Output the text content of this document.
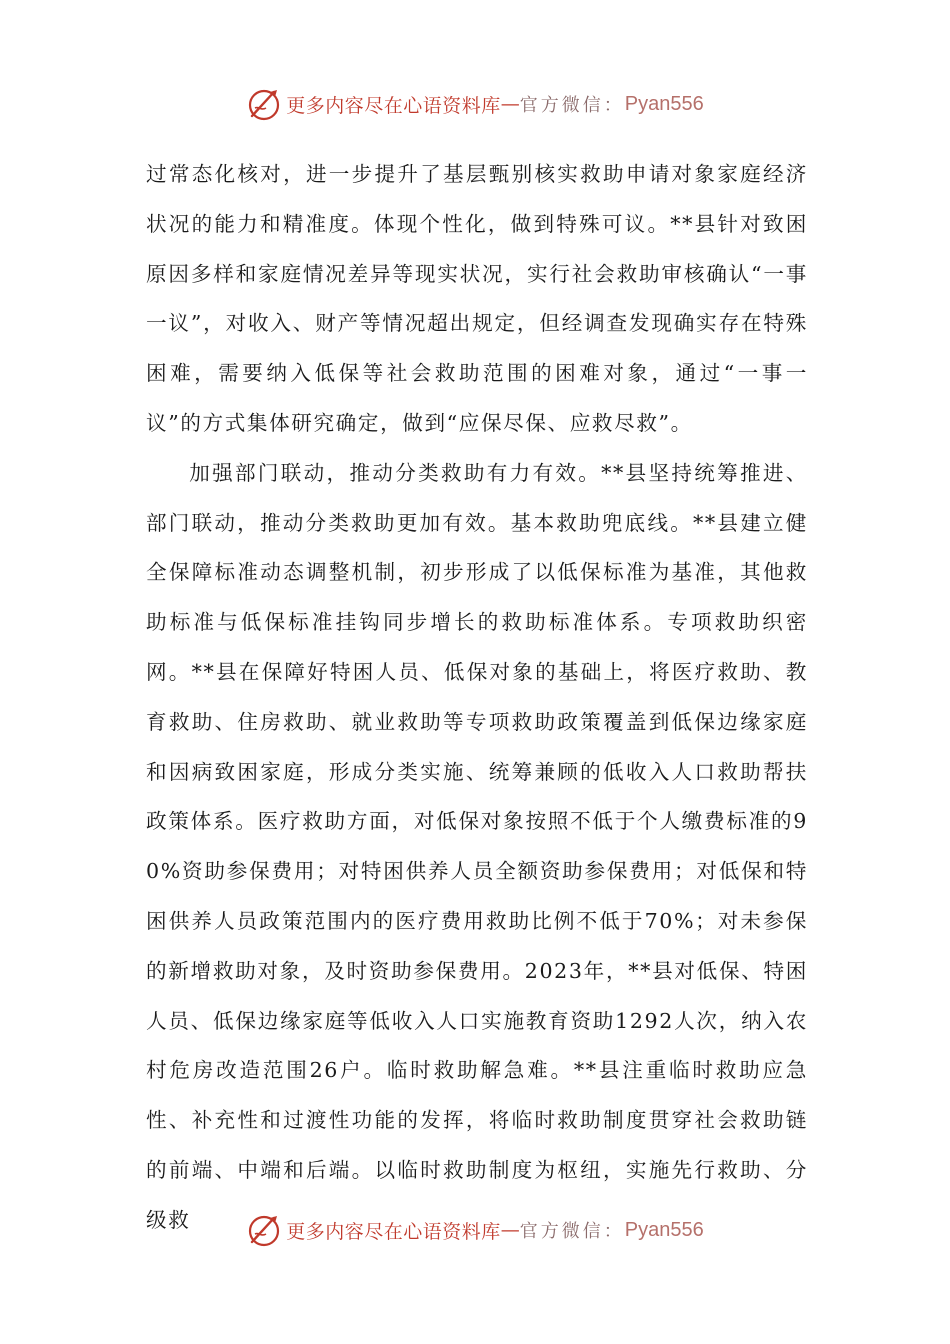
更多内容尽在心语资料库 — 官方微信： Pyan556

过常态化核对，进一步提升了基层甄别核实救助申请对象家庭经济状况的能力和精准度。体现个性化，做到特殊可议。**县针对致困原因多样和家庭情况差异等现实状况，实行社会救助审核确认“一事一议”，对收入、财产等情况超出规定，但经调查发现确实存在特殊困难，需要纳入低保等社会救助范围的困难对象，通过“一事一议”的方式集体研究确定，做到“应保尽保、应救尽救”。

加强部门联动，推动分类救助有力有效。**县坚持统筹推进、部门联动，推动分类救助更加有效。基本救助兜底线。**县建立健全保障标准动态调整机制，初步形成了以低保标准为基准，其他救助标准与低保标准挂钩同步增长的救助标准体系。专项救助织密网。**县在保障好特困人员、低保对象的基础上，将医疗救助、教育救助、住房救助、就业救助等专项救助政策覆盖到低保边缘家庭和因病致困家庭，形成分类实施、统筹兼顾的低收入人口救助帮扶政策体系。医疗救助方面，对低保对象按照不低于个人缴费标准的90%资助参保费用；对特困供养人员全额资助参保费用；对低保和特困供养人员政策范围内的医疗费用救助比例不低于70%；对未参保的新增救助对象，及时资助参保费用。2023年，**县对低保、特困人员、低保边缘家庭等低收入人口实施教育资助1292人次，纳入农村危房改造范围26户。临时救助解急难。**县注重临时救助应急性、补充性和过渡性功能的发挥，将临时救助制度贯穿社会救助链的前端、中端和后端。以临时救助制度为枢纽，实施先行救助、分级救	更多内容尽在心语资料库 — 官方微信： Pyan556
